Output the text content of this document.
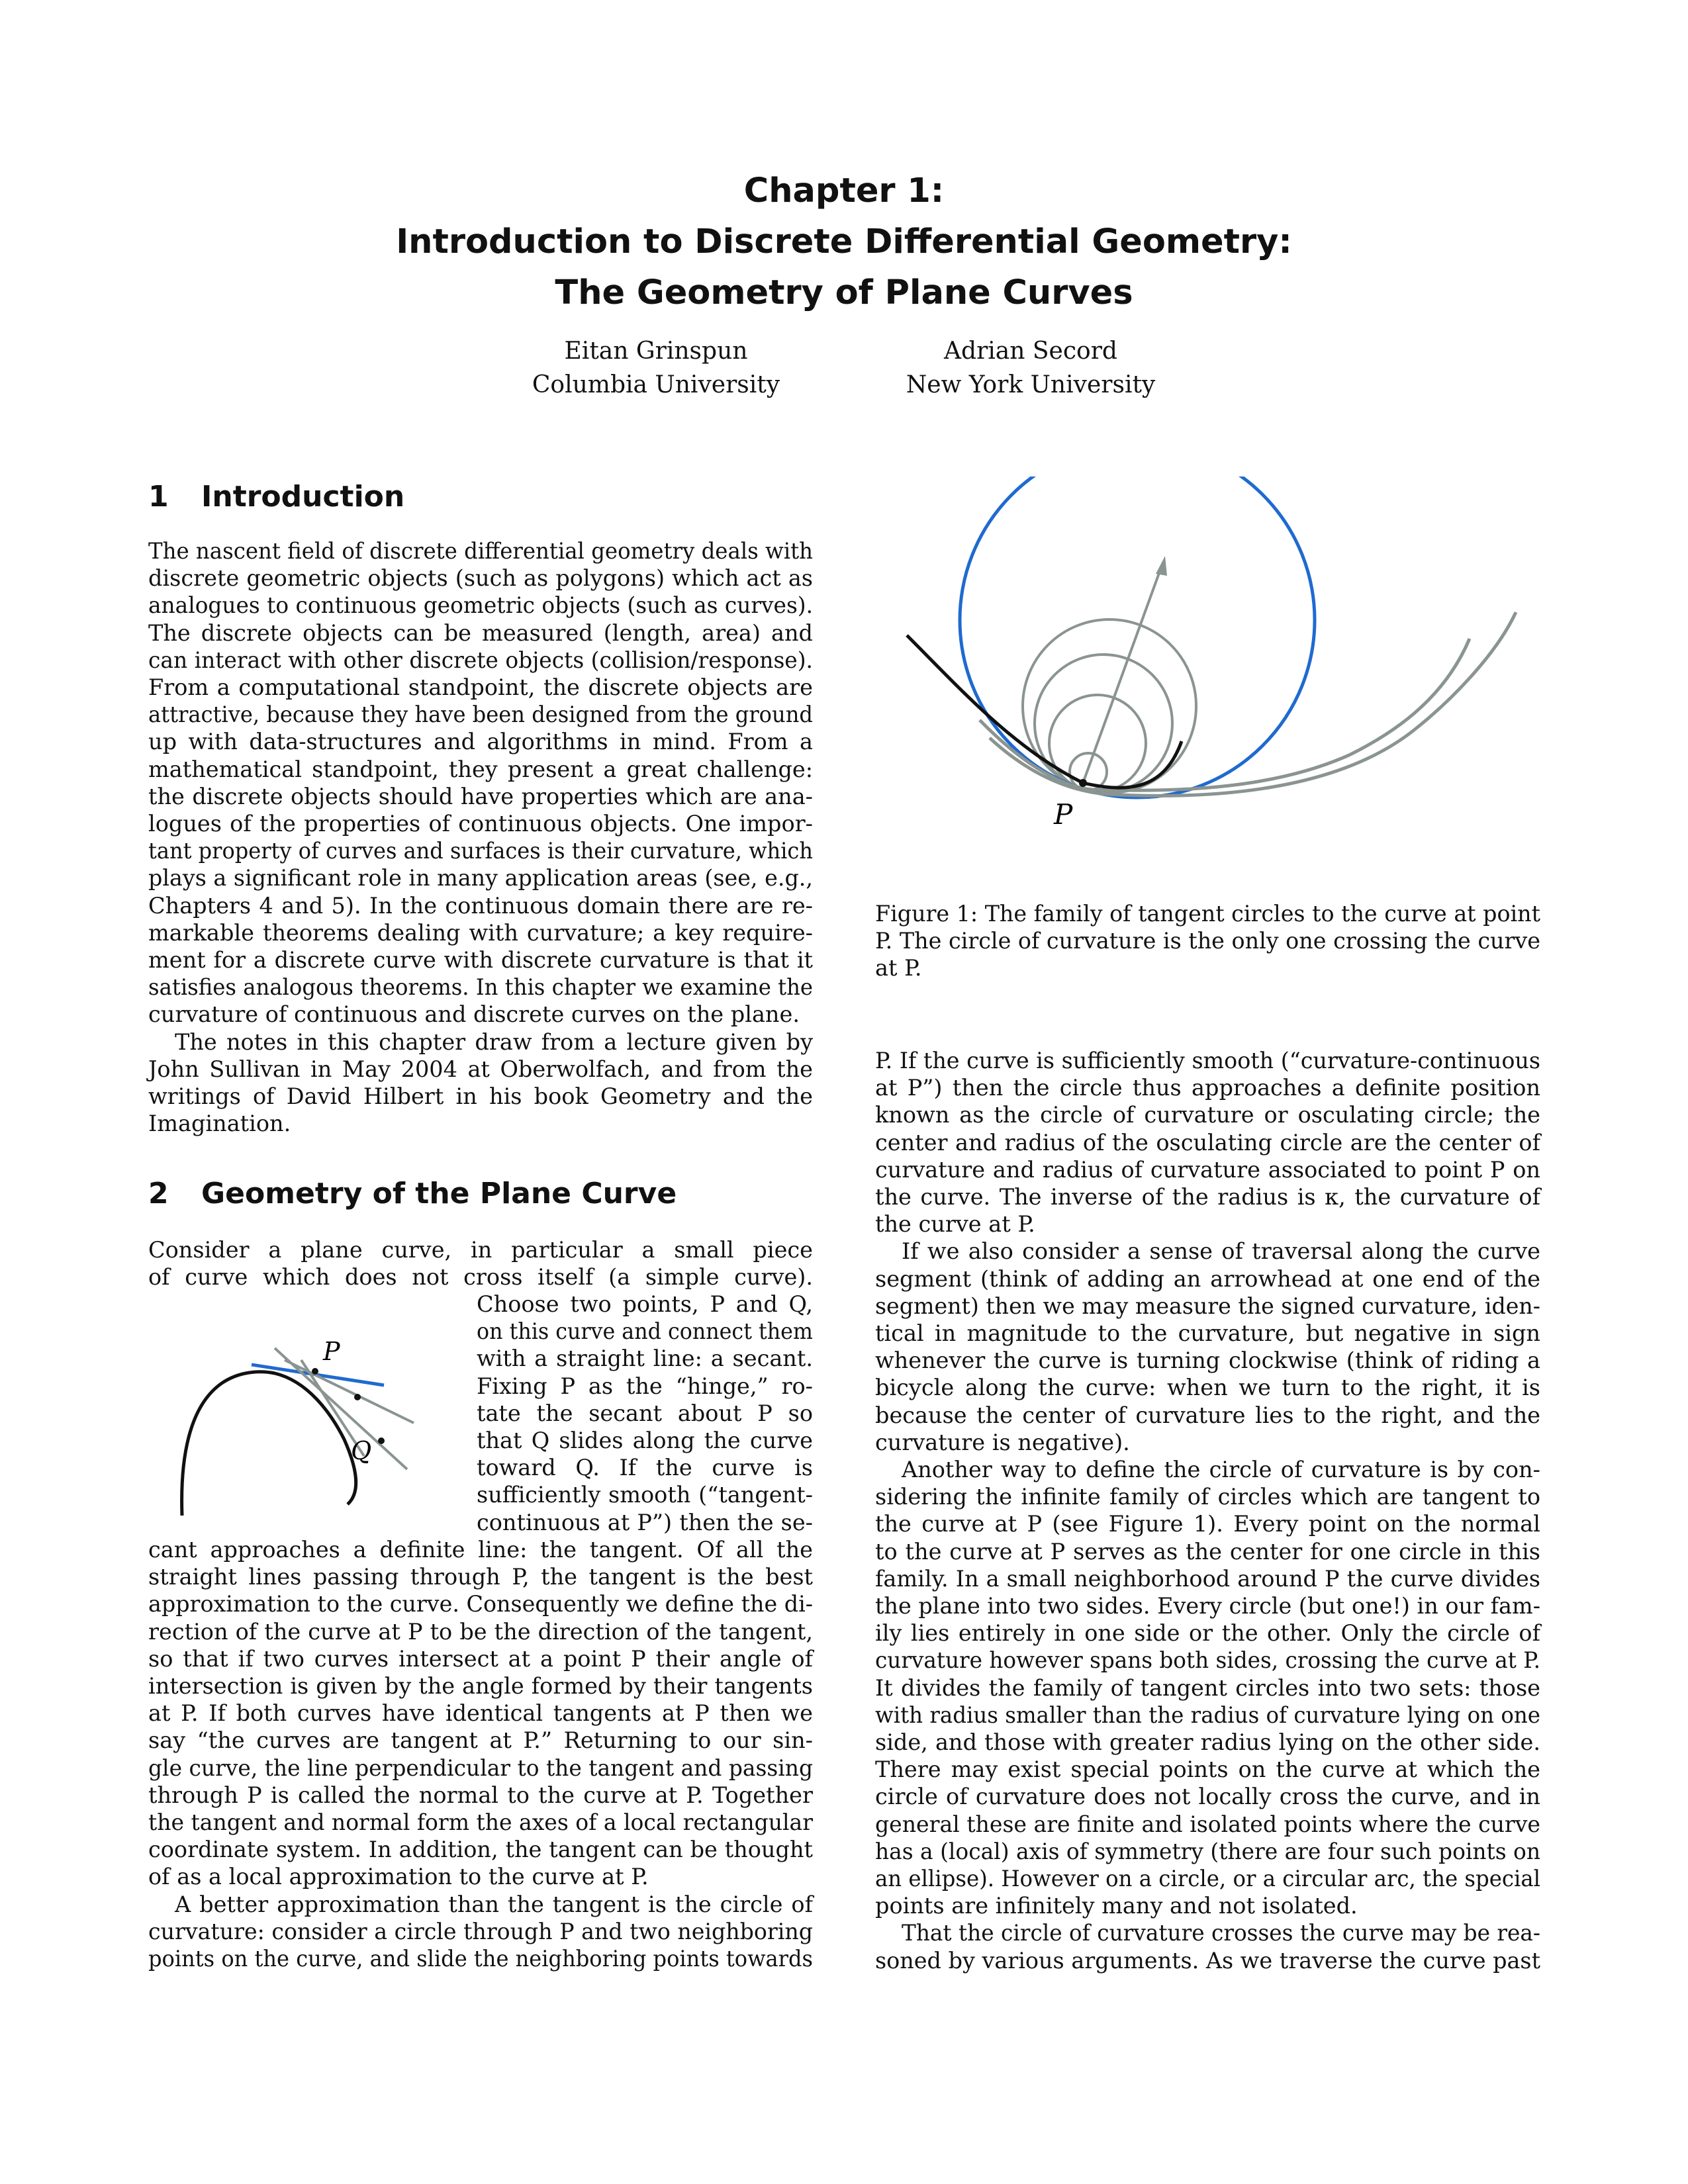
Chapter 1:
Introduction to Discrete Differential Geometry:
The Geometry of Plane Curves
Eitan Grinspun
Columbia University
Adrian Secord
New York University
1 Introduction
The nascent field of discrete differential geometry deals with
discrete geometric objects (such as polygons) which act as
analogues to continuous geometric objects (such as curves).
The discrete objects can be measured (length, area) and
can interact with other discrete objects (collision/response).
From a computational standpoint, the discrete objects are
attractive, because they have been designed from the ground
up with data-structures and algorithms in mind. From a
mathematical standpoint, they present a great challenge:
the discrete objects should have properties which are ana-
logues of the properties of continuous objects. One impor-
tant property of curves and surfaces is their curvature, which
plays a significant role in many application areas (see, e.g.,
Chapters 4 and 5). In the continuous domain there are re-
markable theorems dealing with curvature; a key require-
ment for a discrete curve with discrete curvature is that it
satisfies analogous theorems. In this chapter we examine the
curvature of continuous and discrete curves on the plane.
The notes in this chapter draw from a lecture given by
John Sullivan in May 2004 at Oberwolfach, and from the
writings of David Hilbert in his book Geometry and the
Imagination.
2 Geometry of the Plane Curve
Consider a plane curve, in particular a small piece
of curve which does not cross itself (a simple curve).
Choose two points, P and Q,
on this curve and connect them
with a straight line: a secant.
Fixing P as the “hinge,” ro-
tate the secant about P so
that Q slides along the curve
toward Q. If the curve is
sufficiently smooth (“tangent-
continuous at P”) then the se-
cant approaches a definite line: the tangent. Of all the
straight lines passing through P, the tangent is the best
approximation to the curve. Consequently we define the di-
rection of the curve at P to be the direction of the tangent,
so that if two curves intersect at a point P their angle of
intersection is given by the angle formed by their tangents
at P. If both curves have identical tangents at P then we
say “the curves are tangent at P.” Returning to our sin-
gle curve, the line perpendicular to the tangent and passing
through P is called the normal to the curve at P. Together
the tangent and normal form the axes of a local rectangular
coordinate system. In addition, the tangent can be thought
of as a local approximation to the curve at P.
A better approximation than the tangent is the circle of
curvature: consider a circle through P and two neighboring
points on the curve, and slide the neighboring points towards
P
Q
P
Figure 1: The family of tangent circles to the curve at point
P. The circle of curvature is the only one crossing the curve
at P.
P. If the curve is sufficiently smooth (“curvature-continuous
at P”) then the circle thus approaches a definite position
known as the circle of curvature or osculating circle; the
center and radius of the osculating circle are the center of
curvature and radius of curvature associated to point P on
the curve. The inverse of the radius is κ, the curvature of
the curve at P.
If we also consider a sense of traversal along the curve
segment (think of adding an arrowhead at one end of the
segment) then we may measure the signed curvature, iden-
tical in magnitude to the curvature, but negative in sign
whenever the curve is turning clockwise (think of riding a
bicycle along the curve: when we turn to the right, it is
because the center of curvature lies to the right, and the
curvature is negative).
Another way to define the circle of curvature is by con-
sidering the infinite family of circles which are tangent to
the curve at P (see Figure 1). Every point on the normal
to the curve at P serves as the center for one circle in this
family. In a small neighborhood around P the curve divides
the plane into two sides. Every circle (but one!) in our fam-
ily lies entirely in one side or the other. Only the circle of
curvature however spans both sides, crossing the curve at P.
It divides the family of tangent circles into two sets: those
with radius smaller than the radius of curvature lying on one
side, and those with greater radius lying on the other side.
There may exist special points on the curve at which the
circle of curvature does not locally cross the curve, and in
general these are finite and isolated points where the curve
has a (local) axis of symmetry (there are four such points on
an ellipse). However on a circle, or a circular arc, the special
points are infinitely many and not isolated.
That the circle of curvature crosses the curve may be rea-
soned by various arguments. As we traverse the curve past
